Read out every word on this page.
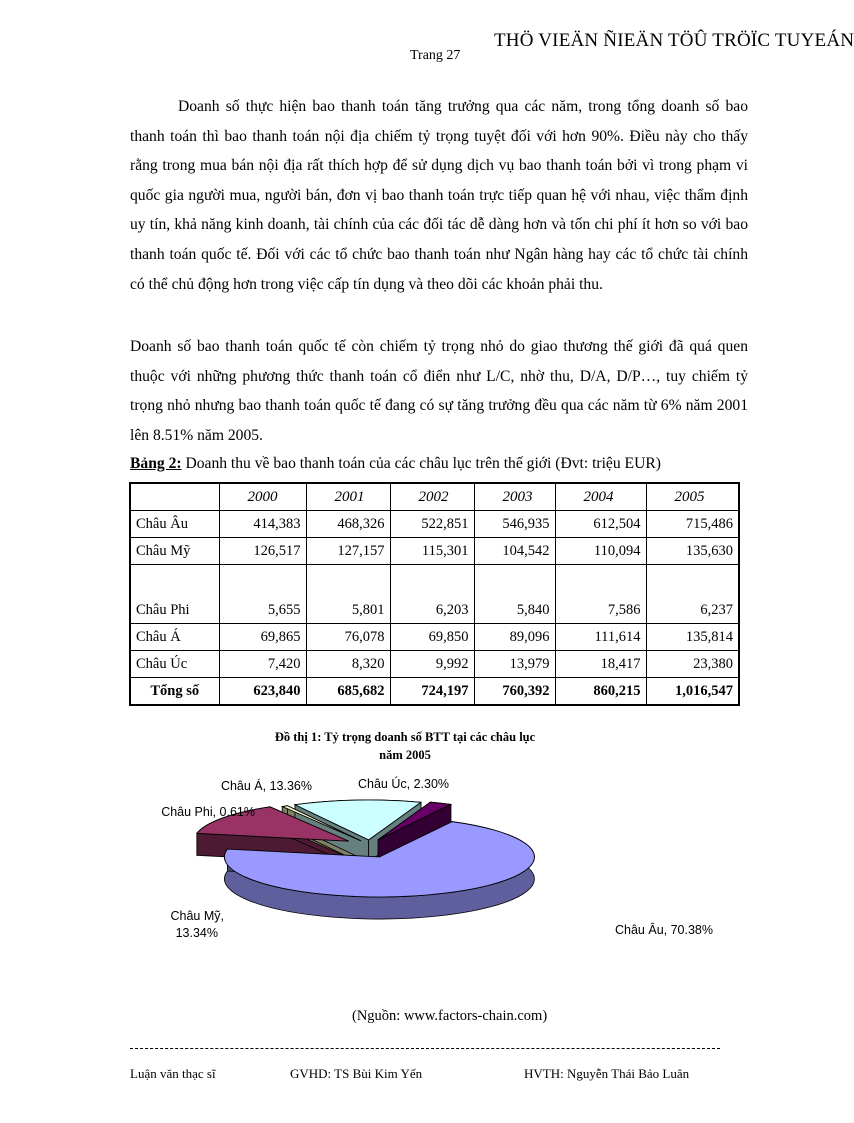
THÖ VIEÄN ÑIEÄN TÖÛ TRÖÏC TUYEÁN
Trang 27

Doanh số thực hiện bao thanh toán tăng trưởng qua các năm, trong tổng doanh số bao thanh toán thì bao thanh toán nội địa chiếm tỷ trọng tuyệt đối với hơn 90%. Điều này cho thấy rằng trong mua bán nội địa rất thích hợp để sử dụng dịch vụ bao thanh toán bởi vì trong phạm vi quốc gia người mua, người bán, đơn vị bao thanh toán trực tiếp quan hệ với nhau, việc thẩm định uy tín, khả năng kinh doanh, tài chính của các đối tác dễ dàng hơn và tốn chi phí ít hơn so với bao thanh toán quốc tế. Đối với các tổ chức bao thanh toán như Ngân hàng hay các tổ chức tài chính có thể chủ động hơn trong việc cấp tín dụng và theo dõi các khoản phải thu.

Doanh số bao thanh toán quốc tế còn chiếm tỷ trọng nhỏ do giao thương thế giới đã quá quen thuộc với những phương thức thanh toán cổ điển như L/C, nhờ thu, D/A, D/P…, tuy chiếm tỷ trọng nhỏ nhưng bao thanh toán quốc tế đang có sự tăng trưởng đều qua các năm từ 6% năm 2001 lên 8.51% năm 2005.

Bảng 2: Doanh thu về bao thanh toán của các châu lục trên thế giới (Đvt: triệu EUR)
	2000	2001	2002	2003	2004	2005
Châu Âu	414,383	468,326	522,851	546,935	612,504	715,486
Châu Mỹ	126,517	127,157	115,301	104,542	110,094	135,630
Châu Phi	5,655	5,801	6,203	5,840	7,586	6,237
Châu Á	69,865	76,078	69,850	89,096	111,614	135,814
Châu Úc	7,420	8,320	9,992	13,979	18,417	23,380
Tổng số	623,840	685,682	724,197	760,392	860,215	1,016,547
Đồ thị 1: Tỷ trọng doanh số BTT tại các châu lục
năm 2005
Châu Âu, 70.38%
Châu Mỹ,
13.34%
Châu Phi, 0.61%
Châu Á, 13.36%	Châu Úc, 2.30%
(Nguồn: www.factors-chain.com)
Luận văn thạc sĩ	GVHD: TS Bùi Kim Yến	HVTH: Nguyễn Thái Bảo Luân
